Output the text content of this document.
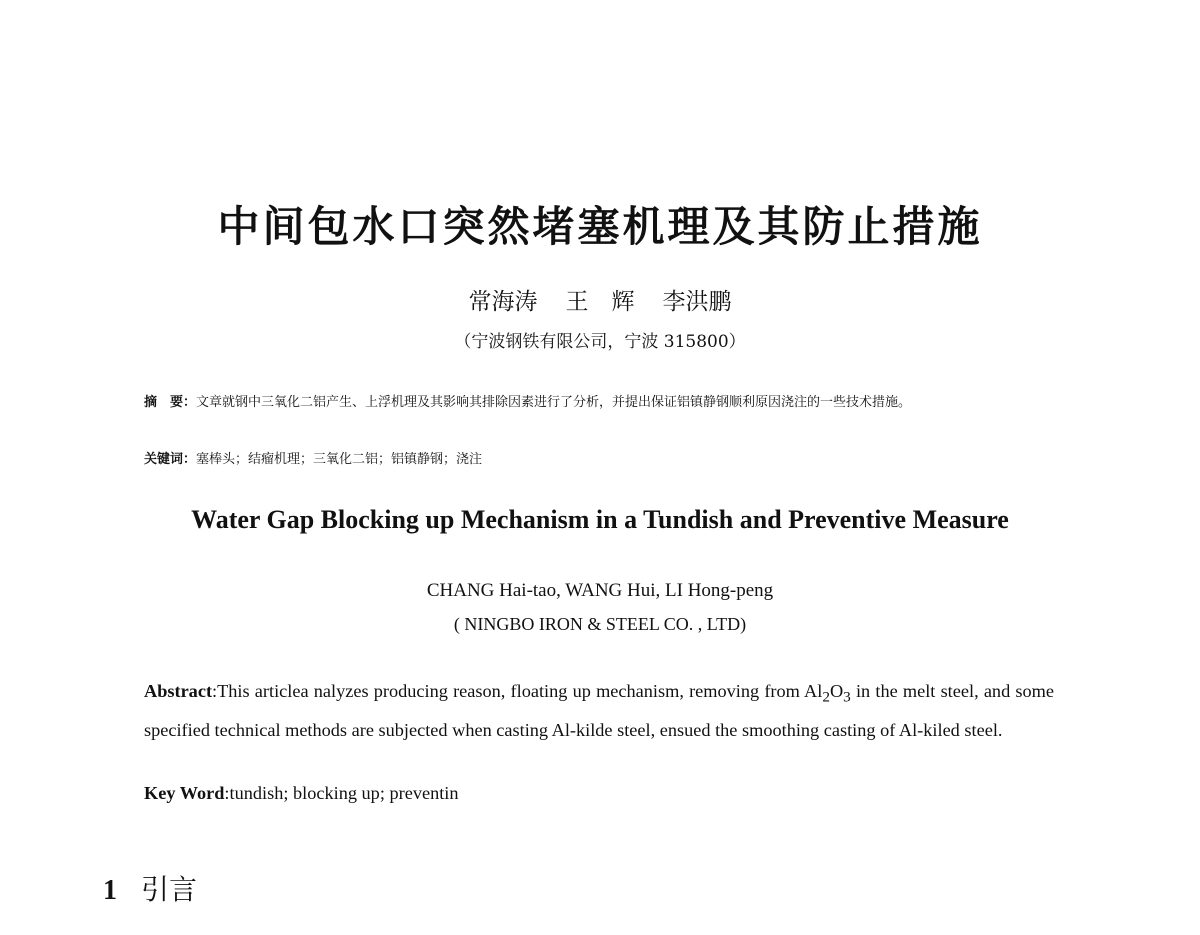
中间包水口突然堵塞机理及其防止措施
常海涛 王　辉 李洪鹏
（宁波钢铁有限公司，宁波 315800）
摘　要：文章就钢中三氧化二铝产生、上浮机理及其影响其排除因素进行了分析，并提出保证铝镇静钢顺利原因浇注的一些技术措施。
关键词：塞棒头；结瘤机理；三氧化二铝；铝镇静钢；浇注
Water Gap Blocking up Mechanism in a Tundish and Preventive Measure
CHANG Hai-tao, WANG Hui, LI Hong-peng
( NINGBO IRON & STEEL CO. , LTD)
Abstract:This articlea nalyzes producing reason, floating up mechanism, removing from $Al_2O_3$ in the melt steel, and some specified technical methods are subjected when casting Al-kilde steel, ensued the smoothing casting of Al-kiled steel.
Key Word:tundish; blocking up; preventin
1 引言
